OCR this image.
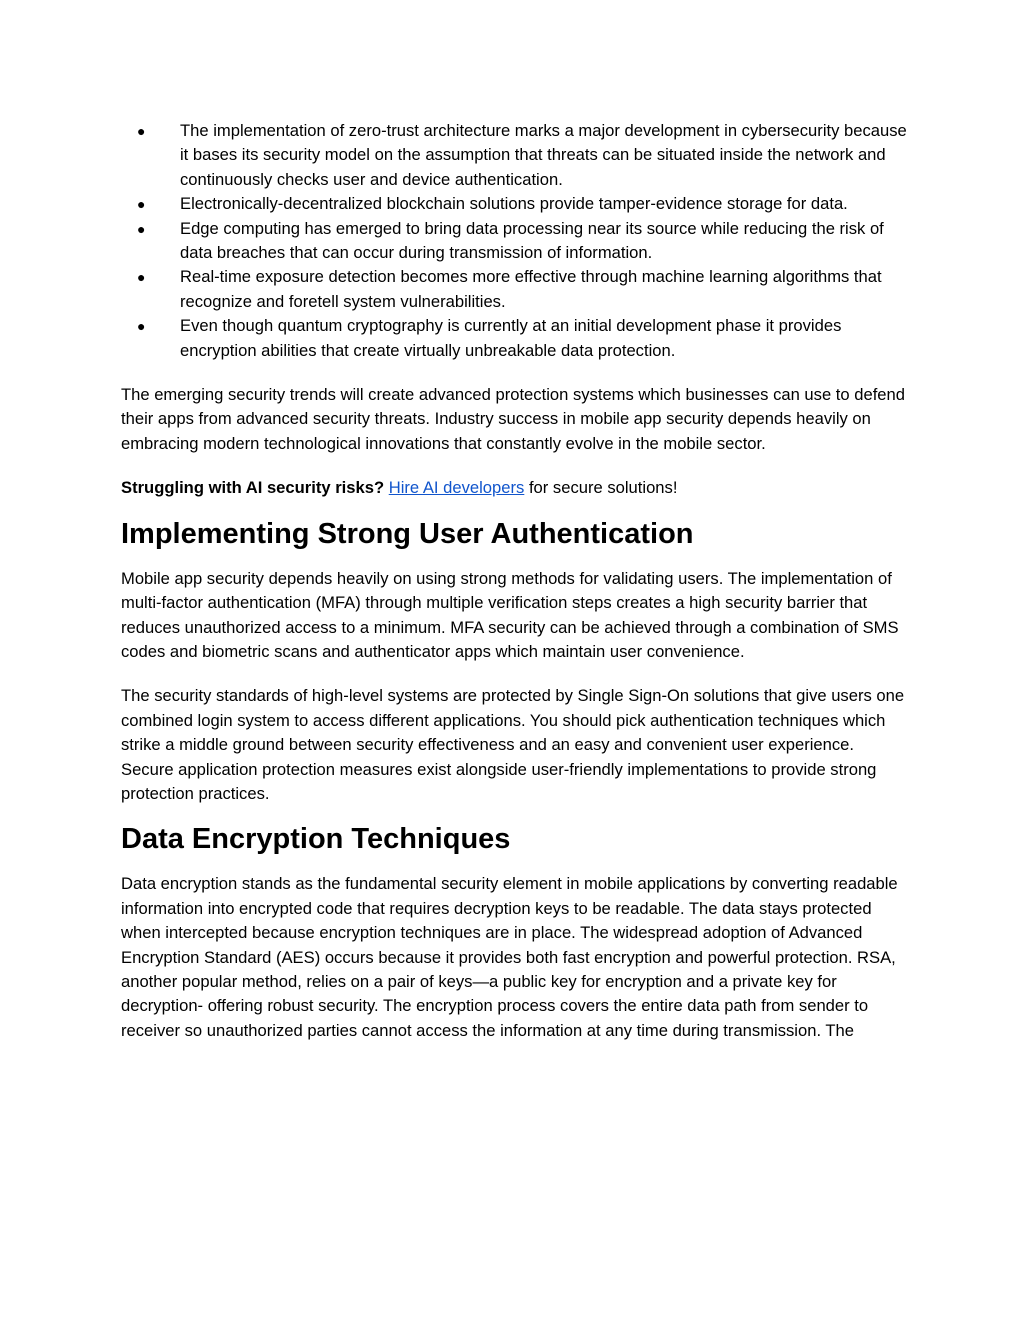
●	The implementation of zero-trust architecture marks a major development in cybersecurity because it bases its security model on the assumption that threats can be situated inside the network and continuously checks user and device authentication.
●	Electronically-decentralized blockchain solutions provide tamper-evidence storage for data.
●	Edge computing has emerged to bring data processing near its source while reducing the risk of data breaches that can occur during transmission of information.
●	Real-time exposure detection becomes more effective through machine learning algorithms that recognize and foretell system vulnerabilities.
●	Even though quantum cryptography is currently at an initial development phase it provides encryption abilities that create virtually unbreakable data protection.

The emerging security trends will create advanced protection systems which businesses can use to defend their apps from advanced security threats. Industry success in mobile app security depends heavily on embracing modern technological innovations that constantly evolve in the mobile sector.

Struggling with AI security risks? Hire AI developers for secure solutions!

Implementing Strong User Authentication

Mobile app security depends heavily on using strong methods for validating users. The implementation of multi-factor authentication (MFA) through multiple verification steps creates a high security barrier that reduces unauthorized access to a minimum. MFA security can be achieved through a combination of SMS codes and biometric scans and authenticator apps which maintain user convenience.

The security standards of high-level systems are protected by Single Sign-On solutions that give users one combined login system to access different applications. You should pick authentication techniques which strike a middle ground between security effectiveness and an easy and convenient user experience. Secure application protection measures exist alongside user-friendly implementations to provide strong protection practices.

Data Encryption Techniques

Data encryption stands as the fundamental security element in mobile applications by converting readable information into encrypted code that requires decryption keys to be readable. The data stays protected when intercepted because encryption techniques are in place. The widespread adoption of Advanced Encryption Standard (AES) occurs because it provides both fast encryption and powerful protection. RSA, another popular method, relies on a pair of keys—a public key for encryption and a private key for decryption- offering robust security. The encryption process covers the entire data path from sender to receiver so unauthorized parties cannot access the information at any time during transmission. The
